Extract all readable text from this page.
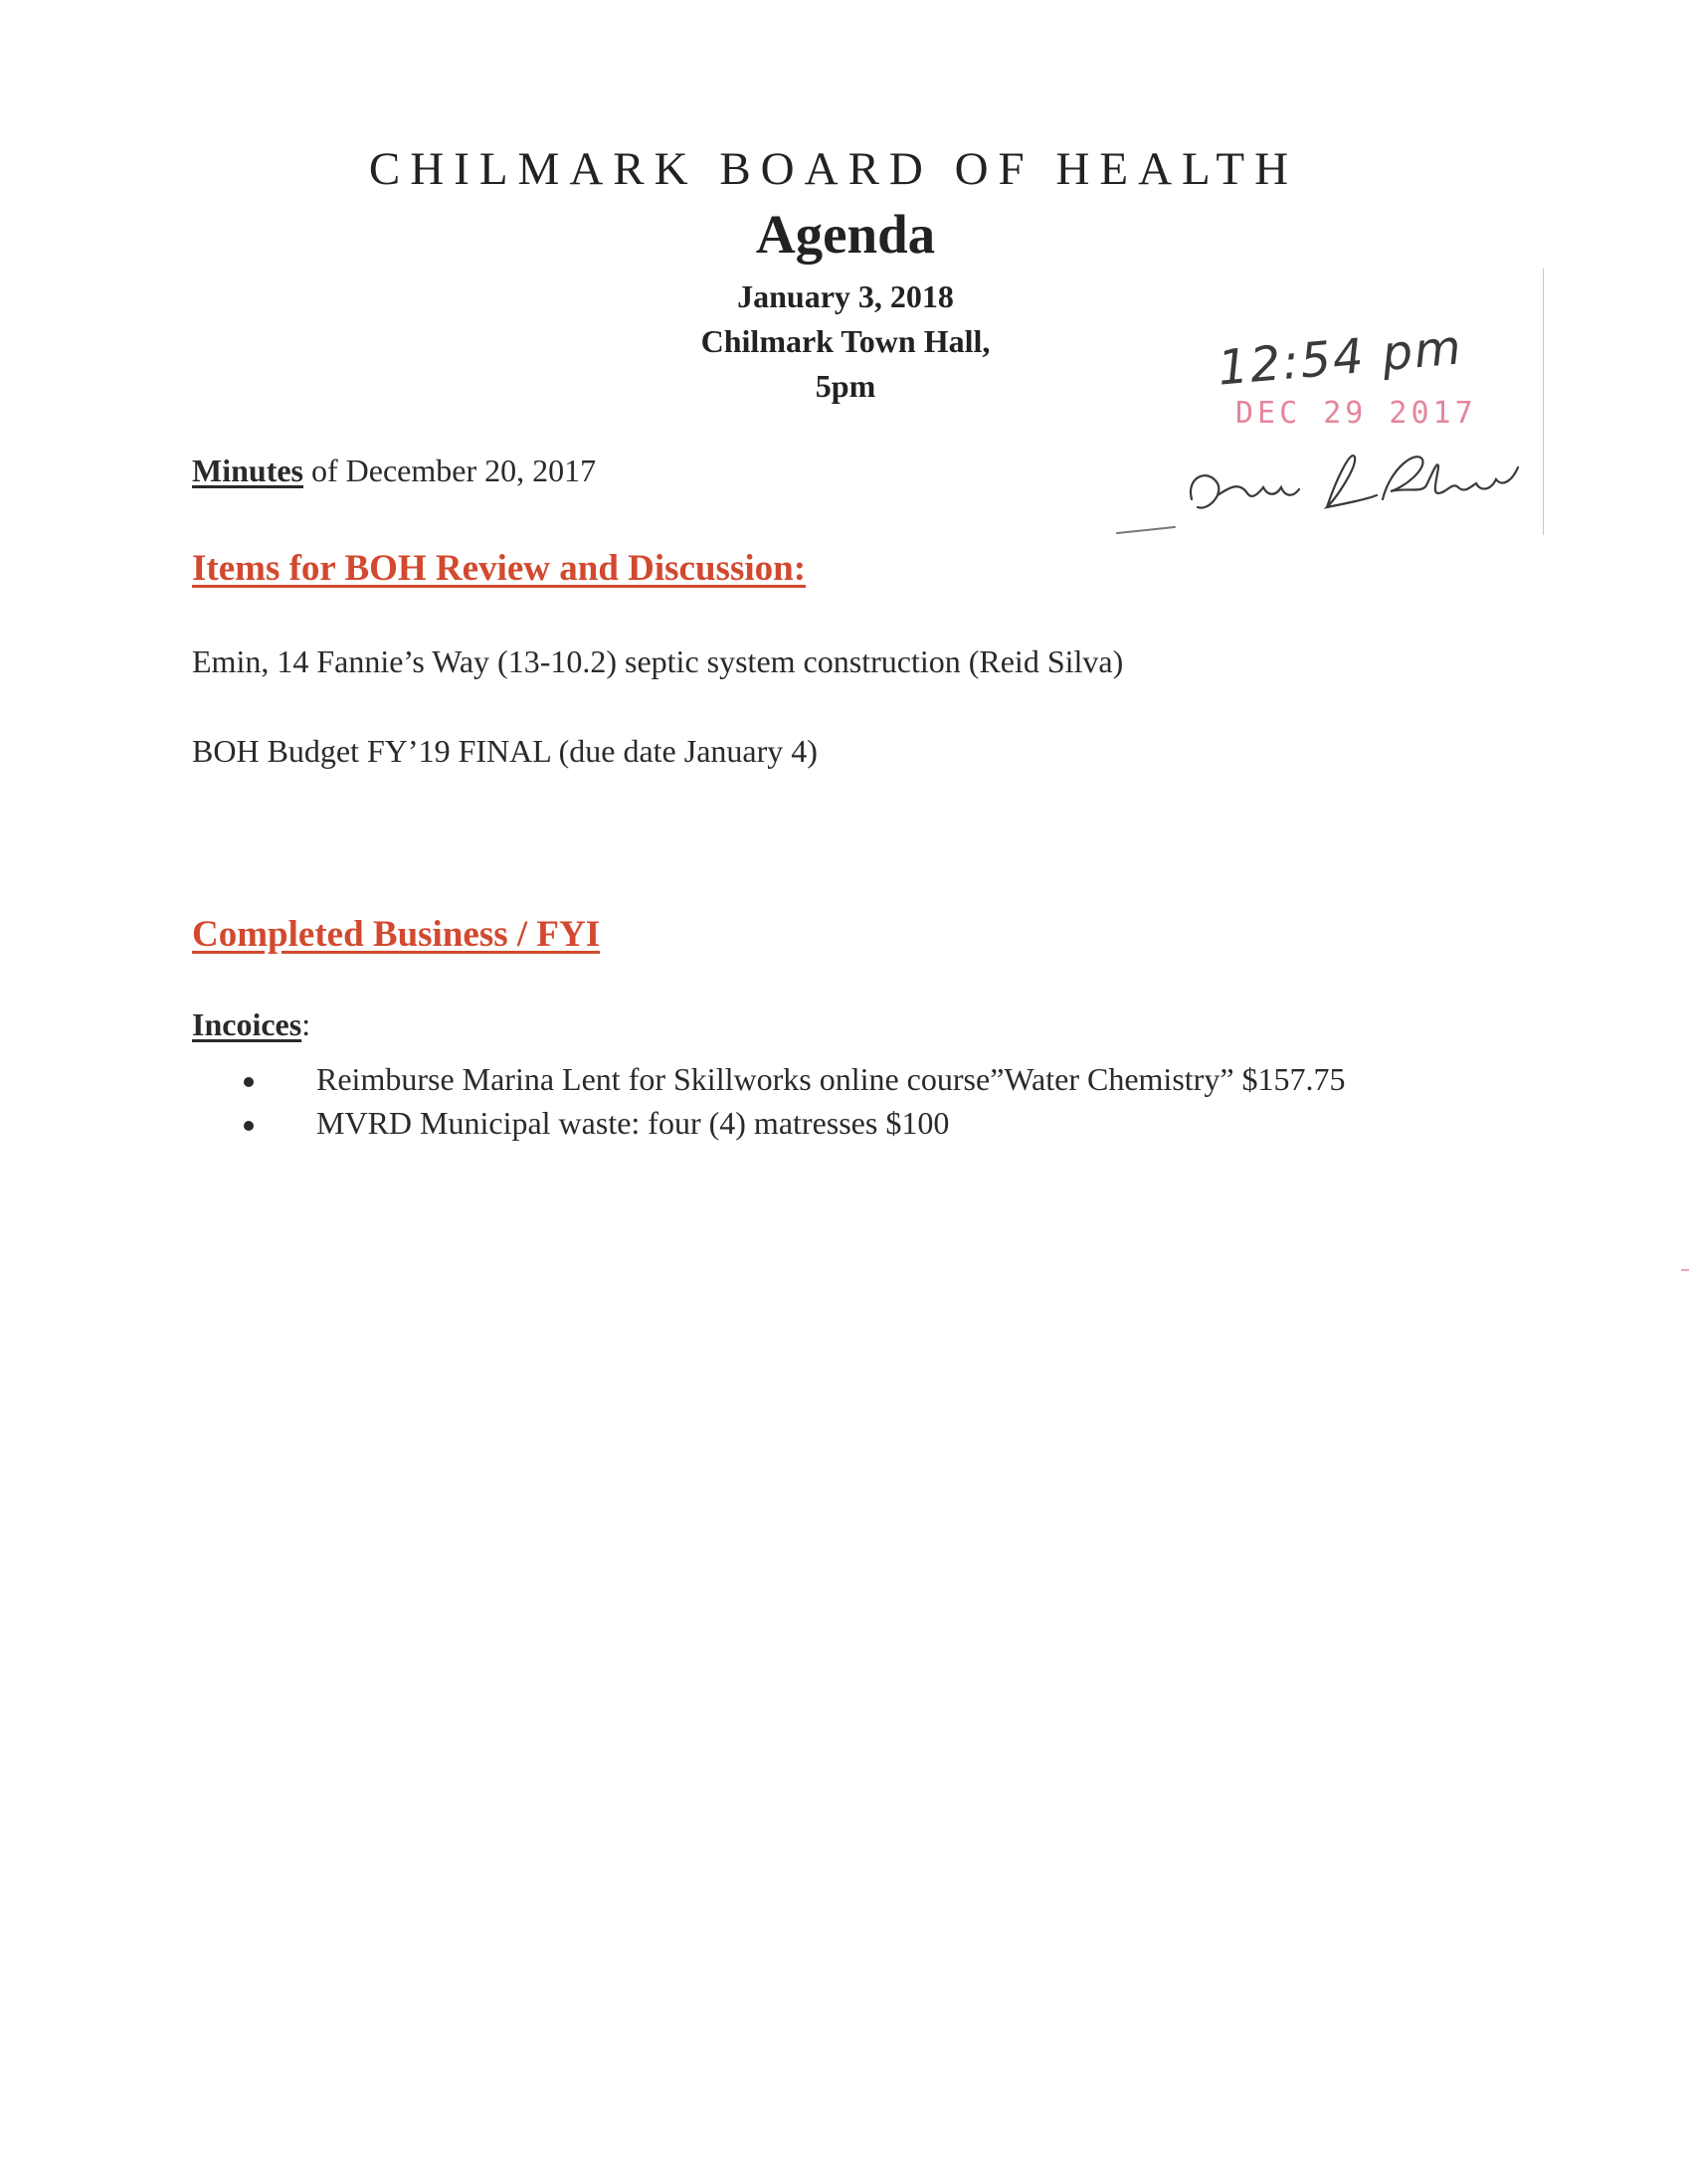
CHILMARK BOARD OF HEALTH
Agenda
January 3, 2018
Chilmark Town Hall,
5pm	12:54 pm
DEC 29 2017
Minutes of December 20, 2017
Items for BOH Review and Discussion:
Emin, 14 Fannie’s Way (13-10.2) septic system construction (Reid Silva)
BOH Budget FY’19 FINAL (due date January 4)
Completed Business / FYI
Incoices:
Reimburse Marina Lent for Skillworks online course”Water Chemistry” $157.75
MVRD Municipal waste: four (4) matresses $100
